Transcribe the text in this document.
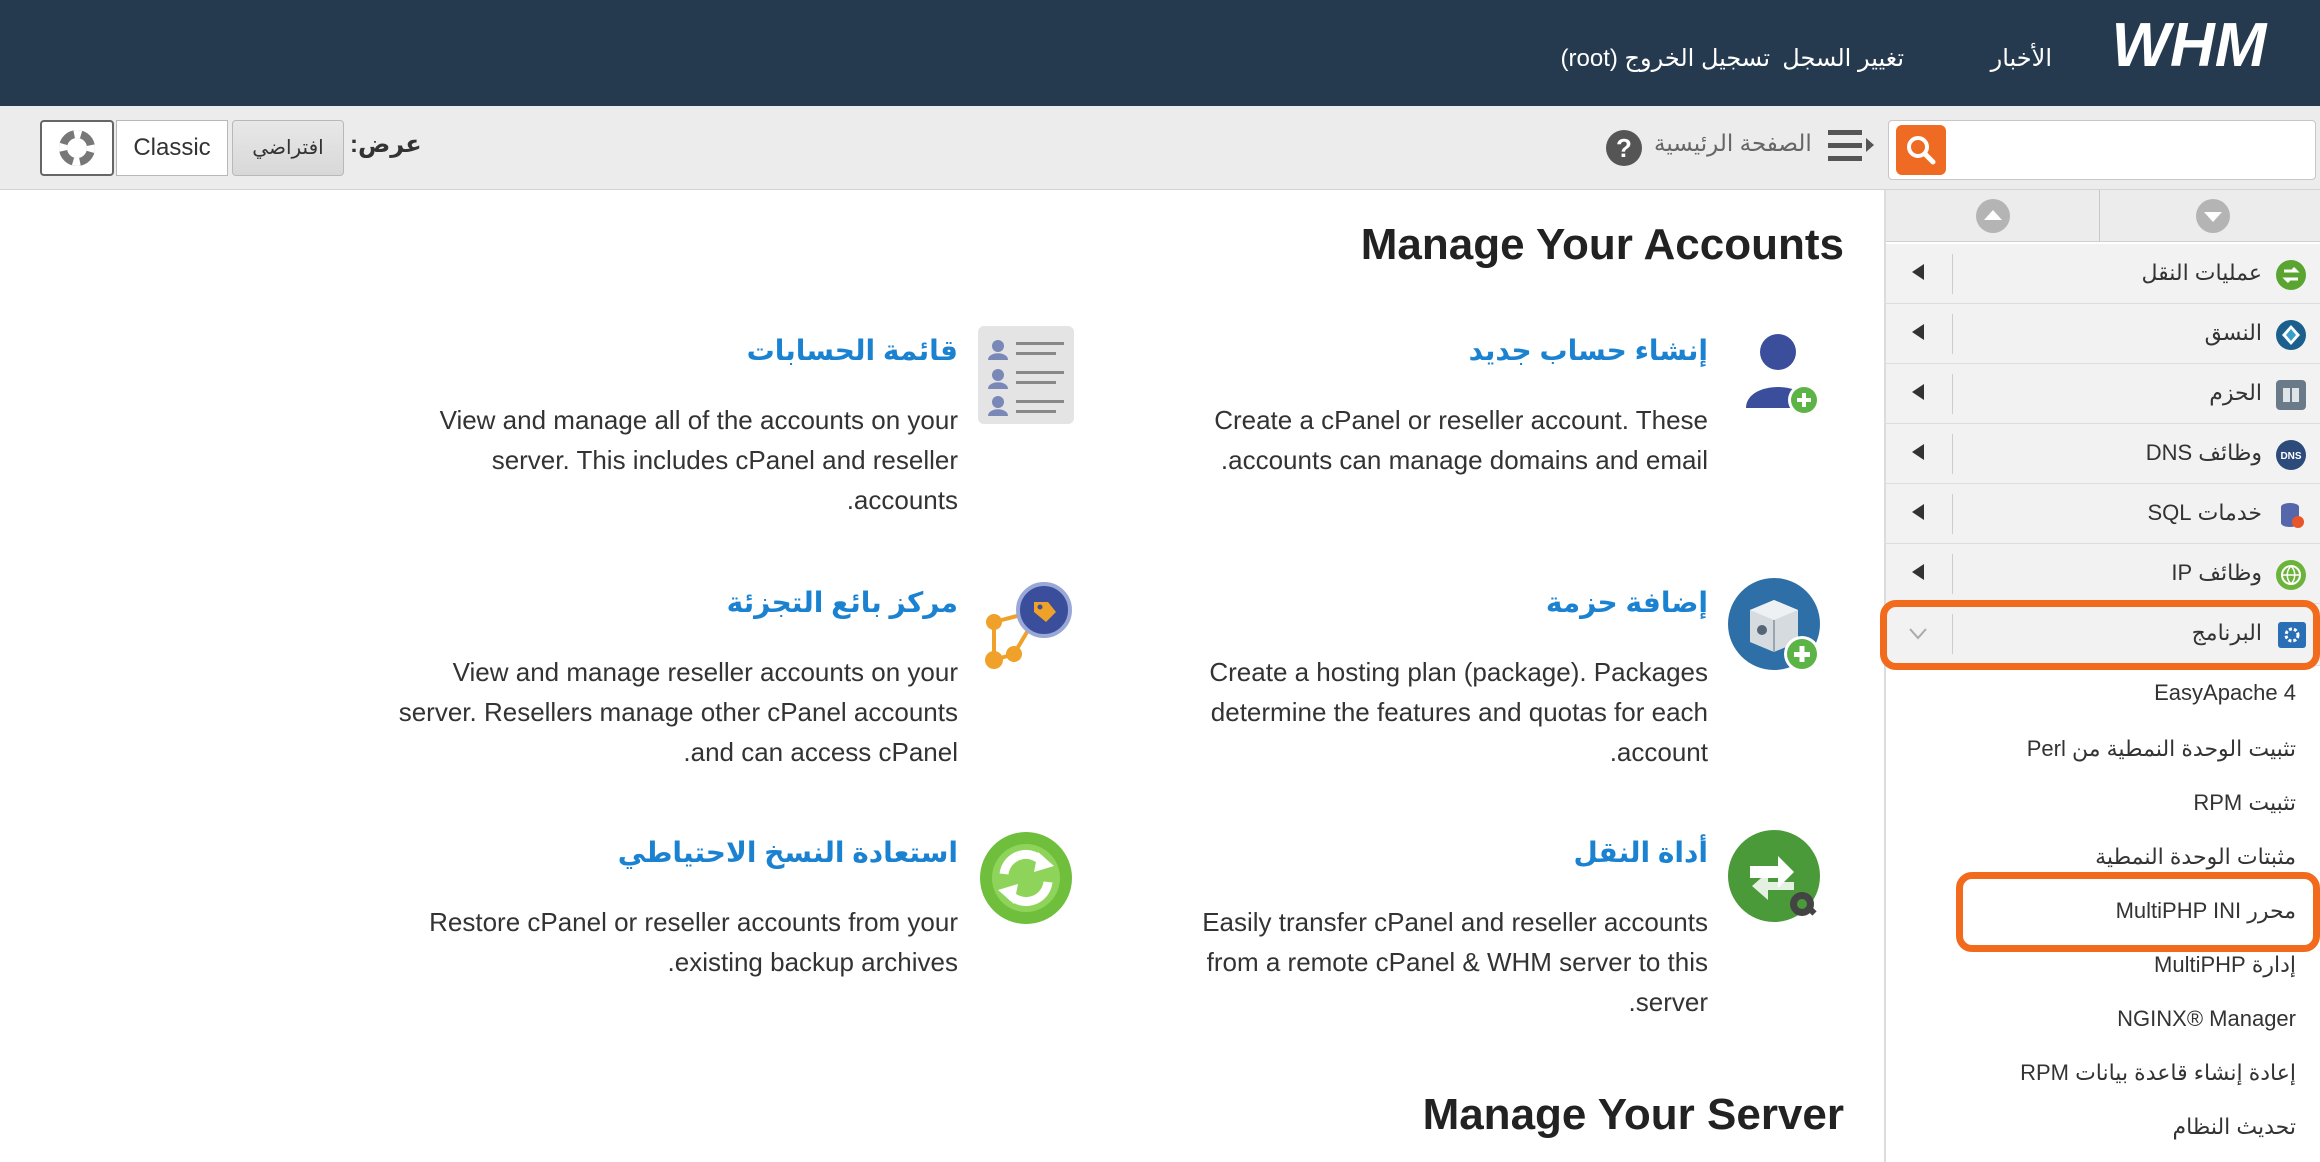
WHM
الأخبار
تغيير السجل
تسجيل الخروج (root)
الصفحة الرئيسية
?
عرض:
افتراضي
Classic
عمليات النقل
النسق
الحزم
DNS
وظائف DNS
خدمات SQL
وظائف IP
البرنامج
EasyApache 4
تثبيت الوحدة النمطية من Perl
تثبيت RPM
مثبتات الوحدة النمطية
محرر MultiPHP INI
إدارة MultiPHP
NGINX® Manager
إعادة إنشاء قاعدة بيانات RPM
تحديث النظام
Manage Your Accounts
إنشاء حساب جديد
Create a cPanel or reseller account. These accounts can manage domains and email.
قائمة الحسابات
View and manage all of the accounts on your server. This includes cPanel and reseller accounts.
إضافة حزمة
Create a hosting plan (package). Packages determine the features and quotas for each account.
مركز بائع التجزئة
View and manage reseller accounts on your server. Resellers manage other cPanel accounts and can access cPanel.
أداة النقل
Easily transfer cPanel and reseller accounts from a remote cPanel & WHM server to this server.
استعادة النسخ الاحتياطي
Restore cPanel or reseller accounts from your existing backup archives.
Manage Your Server
